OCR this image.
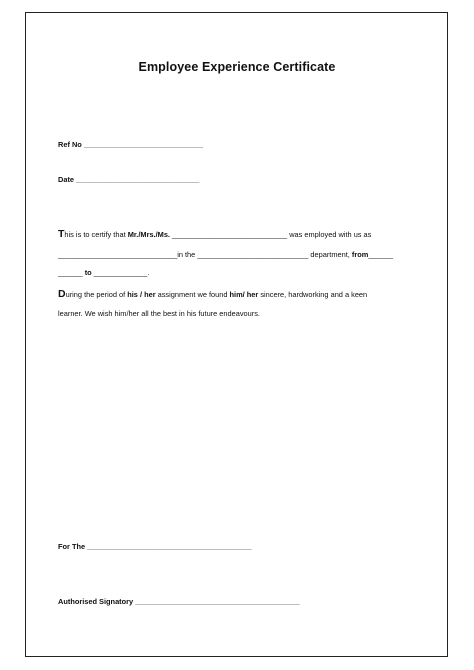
Employee Experience Certificate
Ref No _____________________________
Date ______________________________
This is to certify that Mr./Mrs./Ms. ____________________________ was employed with us as
_____________________________in the ___________________________ department, from______
______ to _____________.
During the period of his / her assignment we found him/ her sincere, hardworking and a keen
learner. We wish him/her all the best in his future endeavours.
For The ________________________________________
Authorised Signatory ________________________________________
